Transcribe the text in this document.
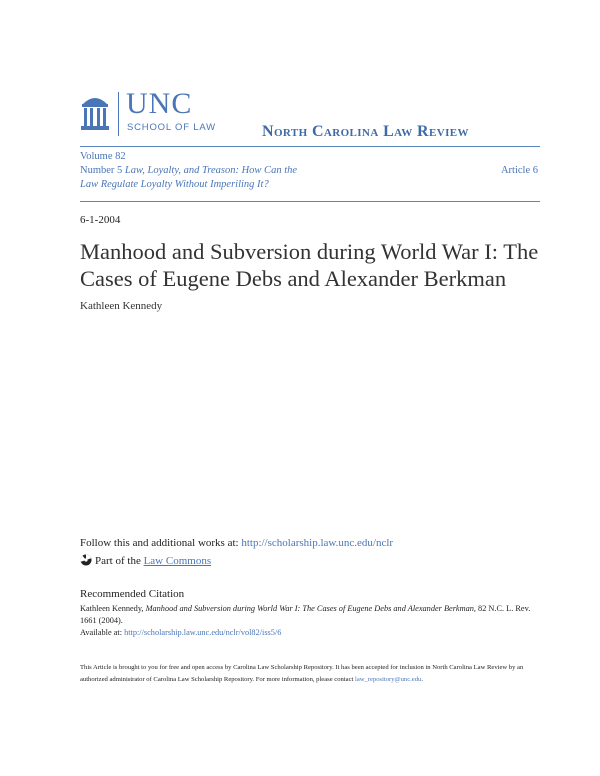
UNC
SCHOOL OF LAW	North Carolina Law Review
Volume 82
Number 5 Law, Loyalty, and Treason: How Can the
Law Regulate Loyalty Without Imperiling It?
Article 6
6-1-2004
Manhood and Subversion during World War I: The Cases of Eugene Debs and Alexander Berkman
Kathleen Kennedy
Follow this and additional works at: http://scholarship.law.unc.edu/nclr
Part of the Law Commons
Recommended Citation
Kathleen Kennedy, Manhood and Subversion during World War I: The Cases of Eugene Debs and Alexander Berkman, 82 N.C. L. Rev. 1661 (2004).
Available at: http://scholarship.law.unc.edu/nclr/vol82/iss5/6
This Article is brought to you for free and open access by Carolina Law Scholarship Repository. It has been accepted for inclusion in North Carolina Law Review by an authorized administrator of Carolina Law Scholarship Repository. For more information, please contact law_repository@unc.edu.
